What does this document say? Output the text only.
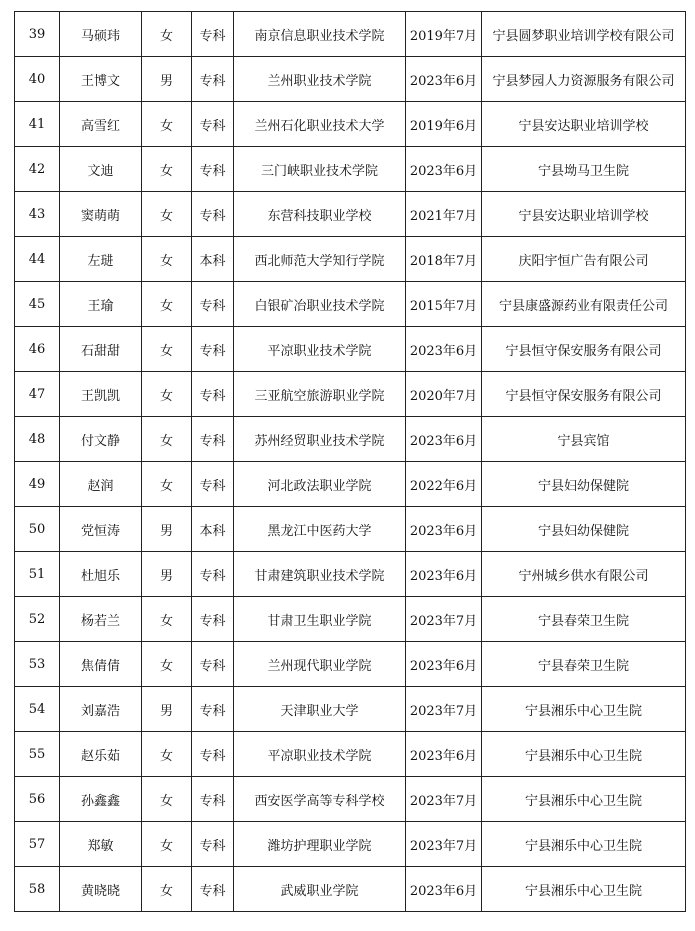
39	马硕玮	女	专科	南京信息职业技术学院	2019年7月	宁县圆梦职业培训学校有限公司
40	王博文	男	专科	兰州职业技术学院	2023年6月	宁县梦园人力资源服务有限公司
41	高雪红	女	专科	兰州石化职业技术大学	2019年6月	宁县安达职业培训学校
42	文迪	女	专科	三门峡职业技术学院	2023年6月	宁县坳马卫生院
43	窦萌萌	女	专科	东营科技职业学校	2021年7月	宁县安达职业培训学校
44	左琎	女	本科	西北师范大学知行学院	2018年7月	庆阳宇恒广告有限公司
45	王瑜	女	专科	白银矿冶职业技术学院	2015年7月	宁县康盛源药业有限责任公司
46	石甜甜	女	专科	平凉职业技术学院	2023年6月	宁县恒守保安服务有限公司
47	王凯凯	女	专科	三亚航空旅游职业学院	2020年7月	宁县恒守保安服务有限公司
48	付文静	女	专科	苏州经贸职业技术学院	2023年6月	宁县宾馆
49	赵润	女	专科	河北政法职业学院	2022年6月	宁县妇幼保健院
50	党恒涛	男	本科	黑龙江中医药大学	2023年6月	宁县妇幼保健院
51	杜旭乐	男	专科	甘肃建筑职业技术学院	2023年6月	宁州城乡供水有限公司
52	杨若兰	女	专科	甘肃卫生职业学院	2023年7月	宁县春荣卫生院
53	焦倩倩	女	专科	兰州现代职业学院	2023年6月	宁县春荣卫生院
54	刘嘉浩	男	专科	天津职业大学	2023年7月	宁县湘乐中心卫生院
55	赵乐茹	女	专科	平凉职业技术学院	2023年6月	宁县湘乐中心卫生院
56	孙鑫鑫	女	专科	西安医学高等专科学校	2023年7月	宁县湘乐中心卫生院
57	郑敏	女	专科	潍坊护理职业学院	2023年7月	宁县湘乐中心卫生院
58	黄晓晓	女	专科	武威职业学院	2023年6月	宁县湘乐中心卫生院
